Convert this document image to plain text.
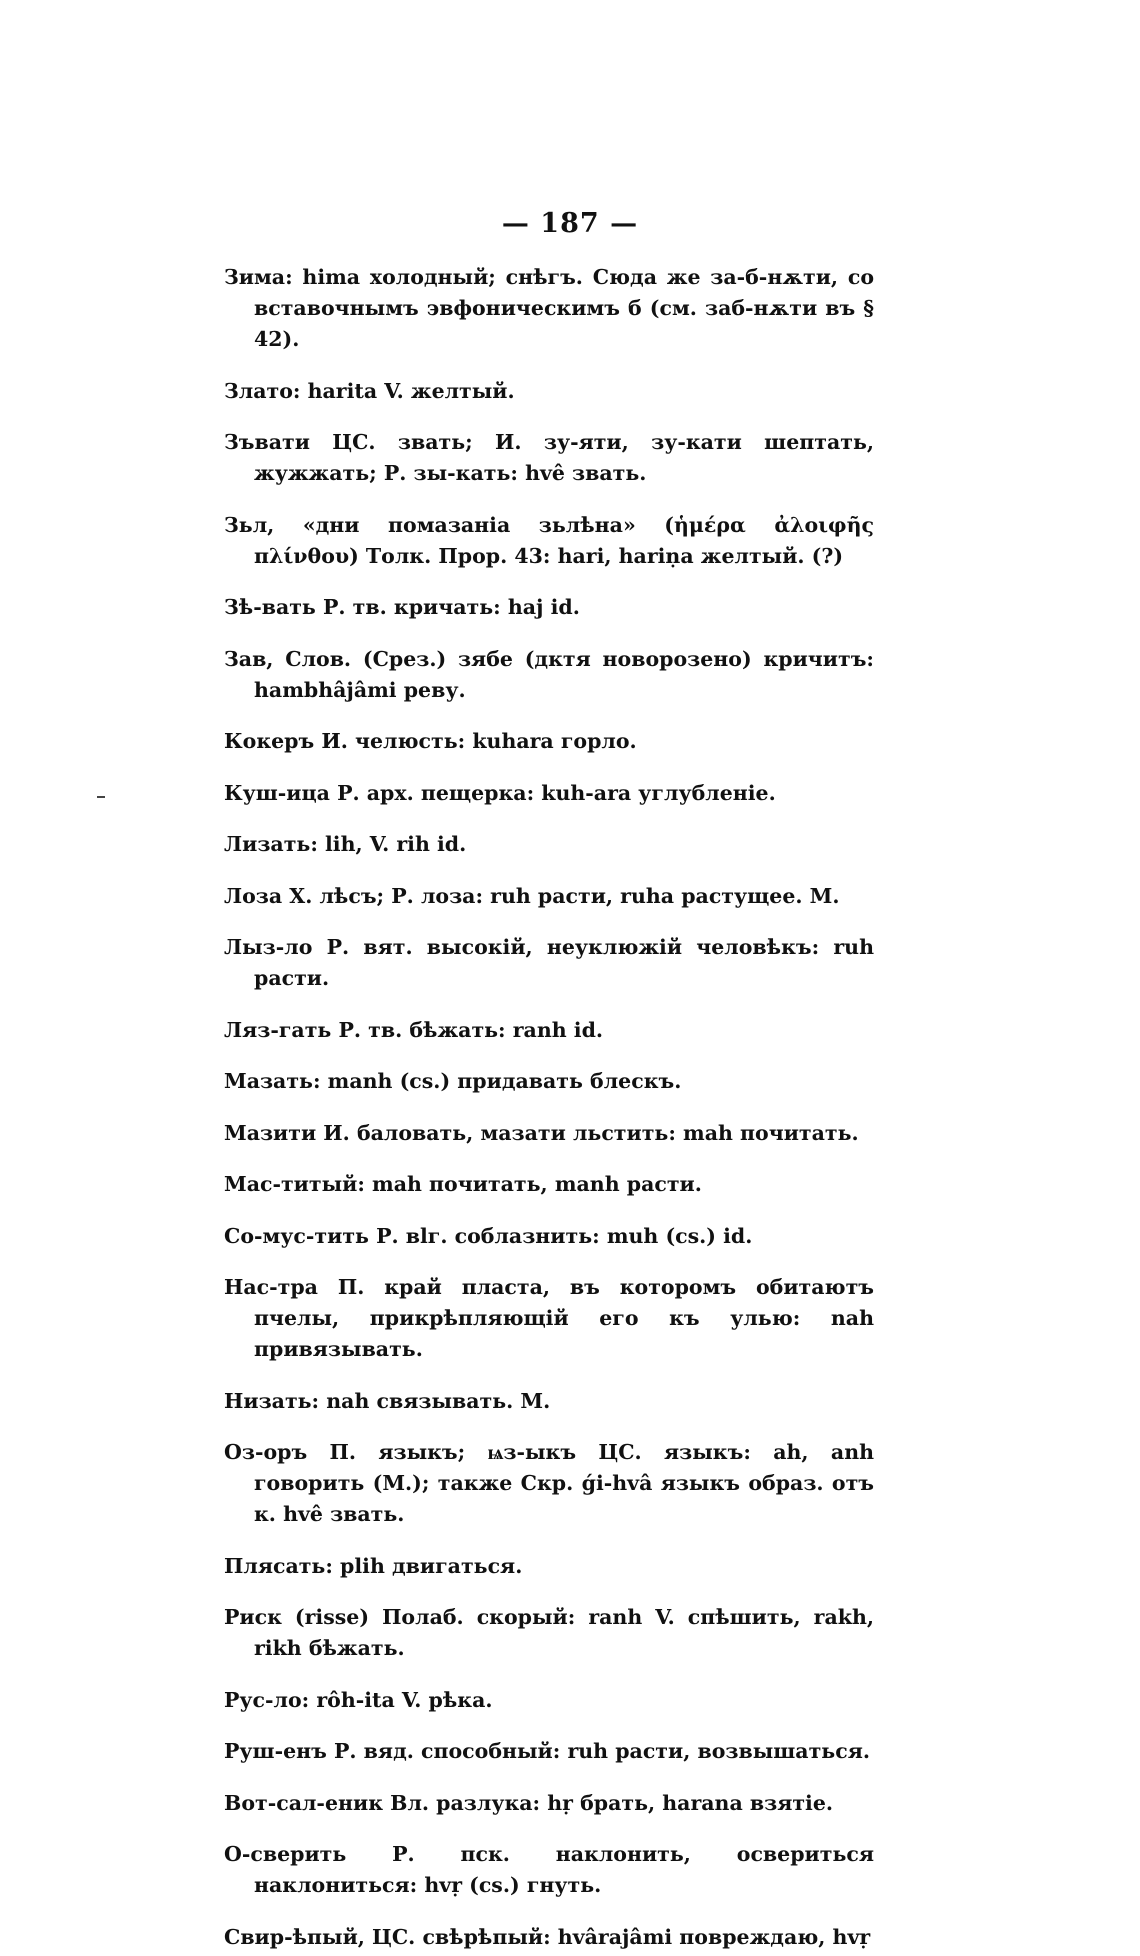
— 187 —

Зима: hima холодный; снѣгъ. Сюда же за-б-нѫти, со вставочнымъ эвфоническимъ б (см. заб-нѫти въ § 42).

Злато: harita V. желтый.

Зъвати ЦС. звать; И. зу-яти, зу-кати шептать, жужжать; Р. зы-кать: hvê звать.

Зьл, «дни помазаніа зьлѣна» (ἡμέρα ἀλοιφῆς πλίνθου) Толк. Прор. 43: hari, hariṇa желтый. (?)

Зѣ-вать Р. тв. кричать: haj id.

Зав, Слов. (Срез.) зябе (дктя новорозено) кричитъ: hambhâjâmi реву.

Кокеръ И. челюсть: kuhara горло.

Куш-ица Р. арх. пещерка: kuh-ara углубленіе.

Лизать: lih, V. rih id.

Лоза Х. лѣсъ; Р. лоза: ruh расти, ruha растущее. М.

Лыз-ло Р. вят. высокій, неуклюжій человѣкъ: ruh расти.

Ляз-гать Р. тв. бѣжать: ranh id.

Мазать: manh (cs.) придавать блескъ.

Мазити И. баловать, мазати льстить: mah почитать.

Мас-титый: mah почитать, manh расти.

Со-муc-тить Р. вlг. соблазнить: muh (cs.) id.

Нас-тра П. край пласта, въ которомъ обитаютъ пчелы, прикрѣпляющій его къ улью: nah привязывать.

Низать: nah связывать. М.

Оз-оръ П. языкъ; ѩз-ыкъ ЦС. языкъ: ah, anh говорить (М.); также Скр. ǵi-hvâ языкъ образ. отъ к. hvê звать.

Плясать: plih двигаться.

Риск (risse) Полаб. скорый: ranh V. спѣшить, rakh, rikh бѣжать.

Рус-ло: rôh-ita V. рѣка.

Руш-енъ Р. вяд. способный: ruh расти, возвышаться.

Вот-сал-еник Вл. разлука: hṛ брать, harana взятіе.

О-сверить Р. пск. наклонить, освериться наклониться: hvṛ (cs.) гнуть.

Свир-ѣпый, ЦС. свѣрѣпый: hvârajâmi повреждаю, hvṛ
